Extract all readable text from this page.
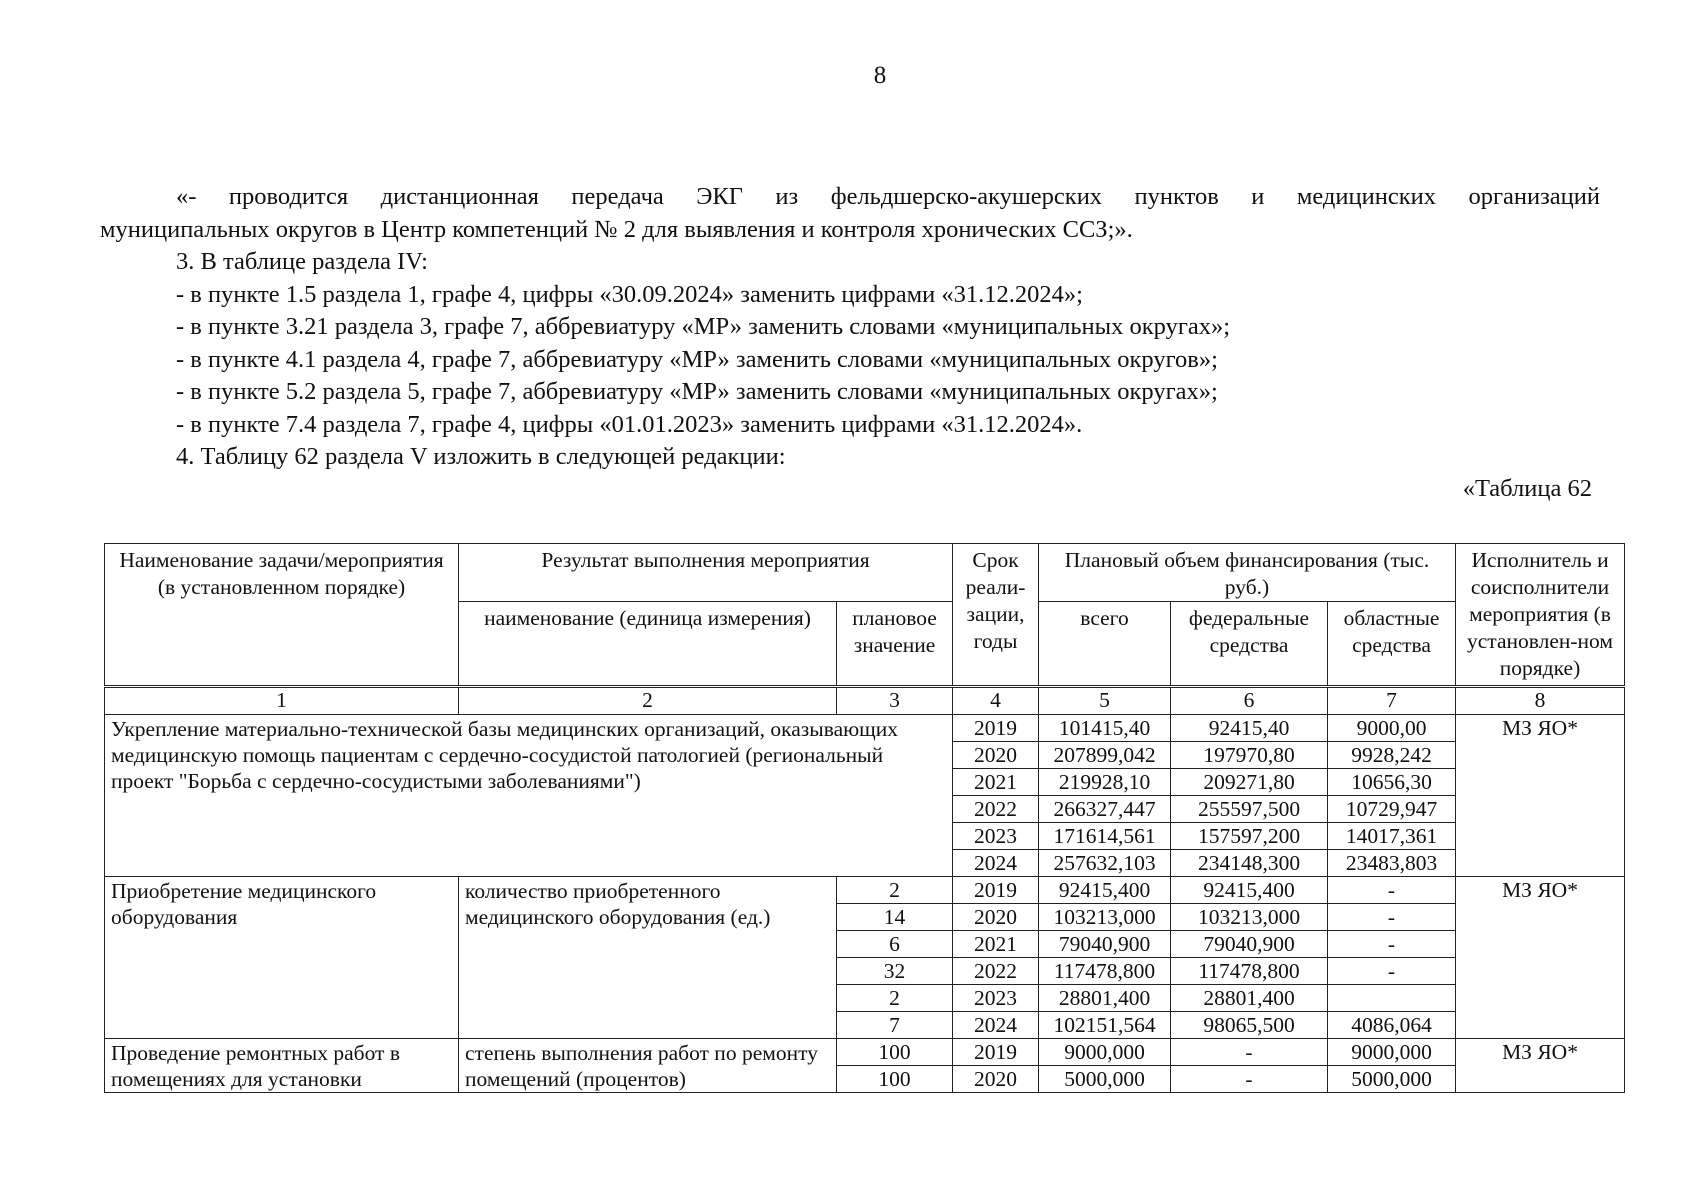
8
«- проводится дистанционная передача ЭКГ из фельдшерско-акушерских пунктов и медицинских организаций
муниципальных округов в Центр компетенций № 2 для выявления и контроля хронических ССЗ;».
3. В таблице раздела IV:
- в пункте 1.5 раздела 1, графе 4, цифры «30.09.2024» заменить цифрами «31.12.2024»;
- в пункте 3.21 раздела 3, графе 7, аббревиатуру «МР» заменить словами «муниципальных округах»;
- в пункте 4.1 раздела 4, графе 7, аббревиатуру «МР» заменить словами «муниципальных округов»;
- в пункте 5.2 раздела 5, графе 7, аббревиатуру «МР» заменить словами «муниципальных округах»;
- в пункте 7.4 раздела 7, графе 4, цифры «01.01.2023» заменить цифрами «31.12.2024».
4. Таблицу 62 раздела V изложить в следующей редакции:
«Таблица 62
Наименование задачи/мероприятия (в установленном порядке)	Результат выполнения мероприятия		Срок реали-зации, годы	Плановый объем финансирования (тыс. руб.)			Исполнитель и соисполнители мероприятия (в установлен-ном порядке)
	наименование (единица измерения)	плановое значение		всего	федеральные средства	областные средства	
1	2	3	4	5	6	7	8
Укрепление материально-технической базы медицинских организаций, оказывающих медицинскую помощь пациентам с сердечно-сосудистой патологией (региональный проект "Борьба с сердечно-сосудистыми заболеваниями")			2019	101415,40	92415,40	9000,00	МЗ ЯО*
			2020	207899,042	197970,80	9928,242	
			2021	219928,10	209271,80	10656,30	
			2022	266327,447	255597,500	10729,947	
			2023	171614,561	157597,200	14017,361	
			2024	257632,103	234148,300	23483,803	
Приобретение медицинского оборудования	количество приобретенного медицинского оборудования (ед.)	2	2019	92415,400	92415,400	-	МЗ ЯО*
		14	2020	103213,000	103213,000	-	
		6	2021	79040,900	79040,900	-	
		32	2022	117478,800	117478,800	-	
		2	2023	28801,400	28801,400		
		7	2024	102151,564	98065,500	4086,064	
Проведение ремонтных работ в помещениях для установки	степень выполнения работ по ремонту помещений (процентов)	100	2019	9000,000	-	9000,000	МЗ ЯО*
		100	2020	5000,000	-	5000,000	
